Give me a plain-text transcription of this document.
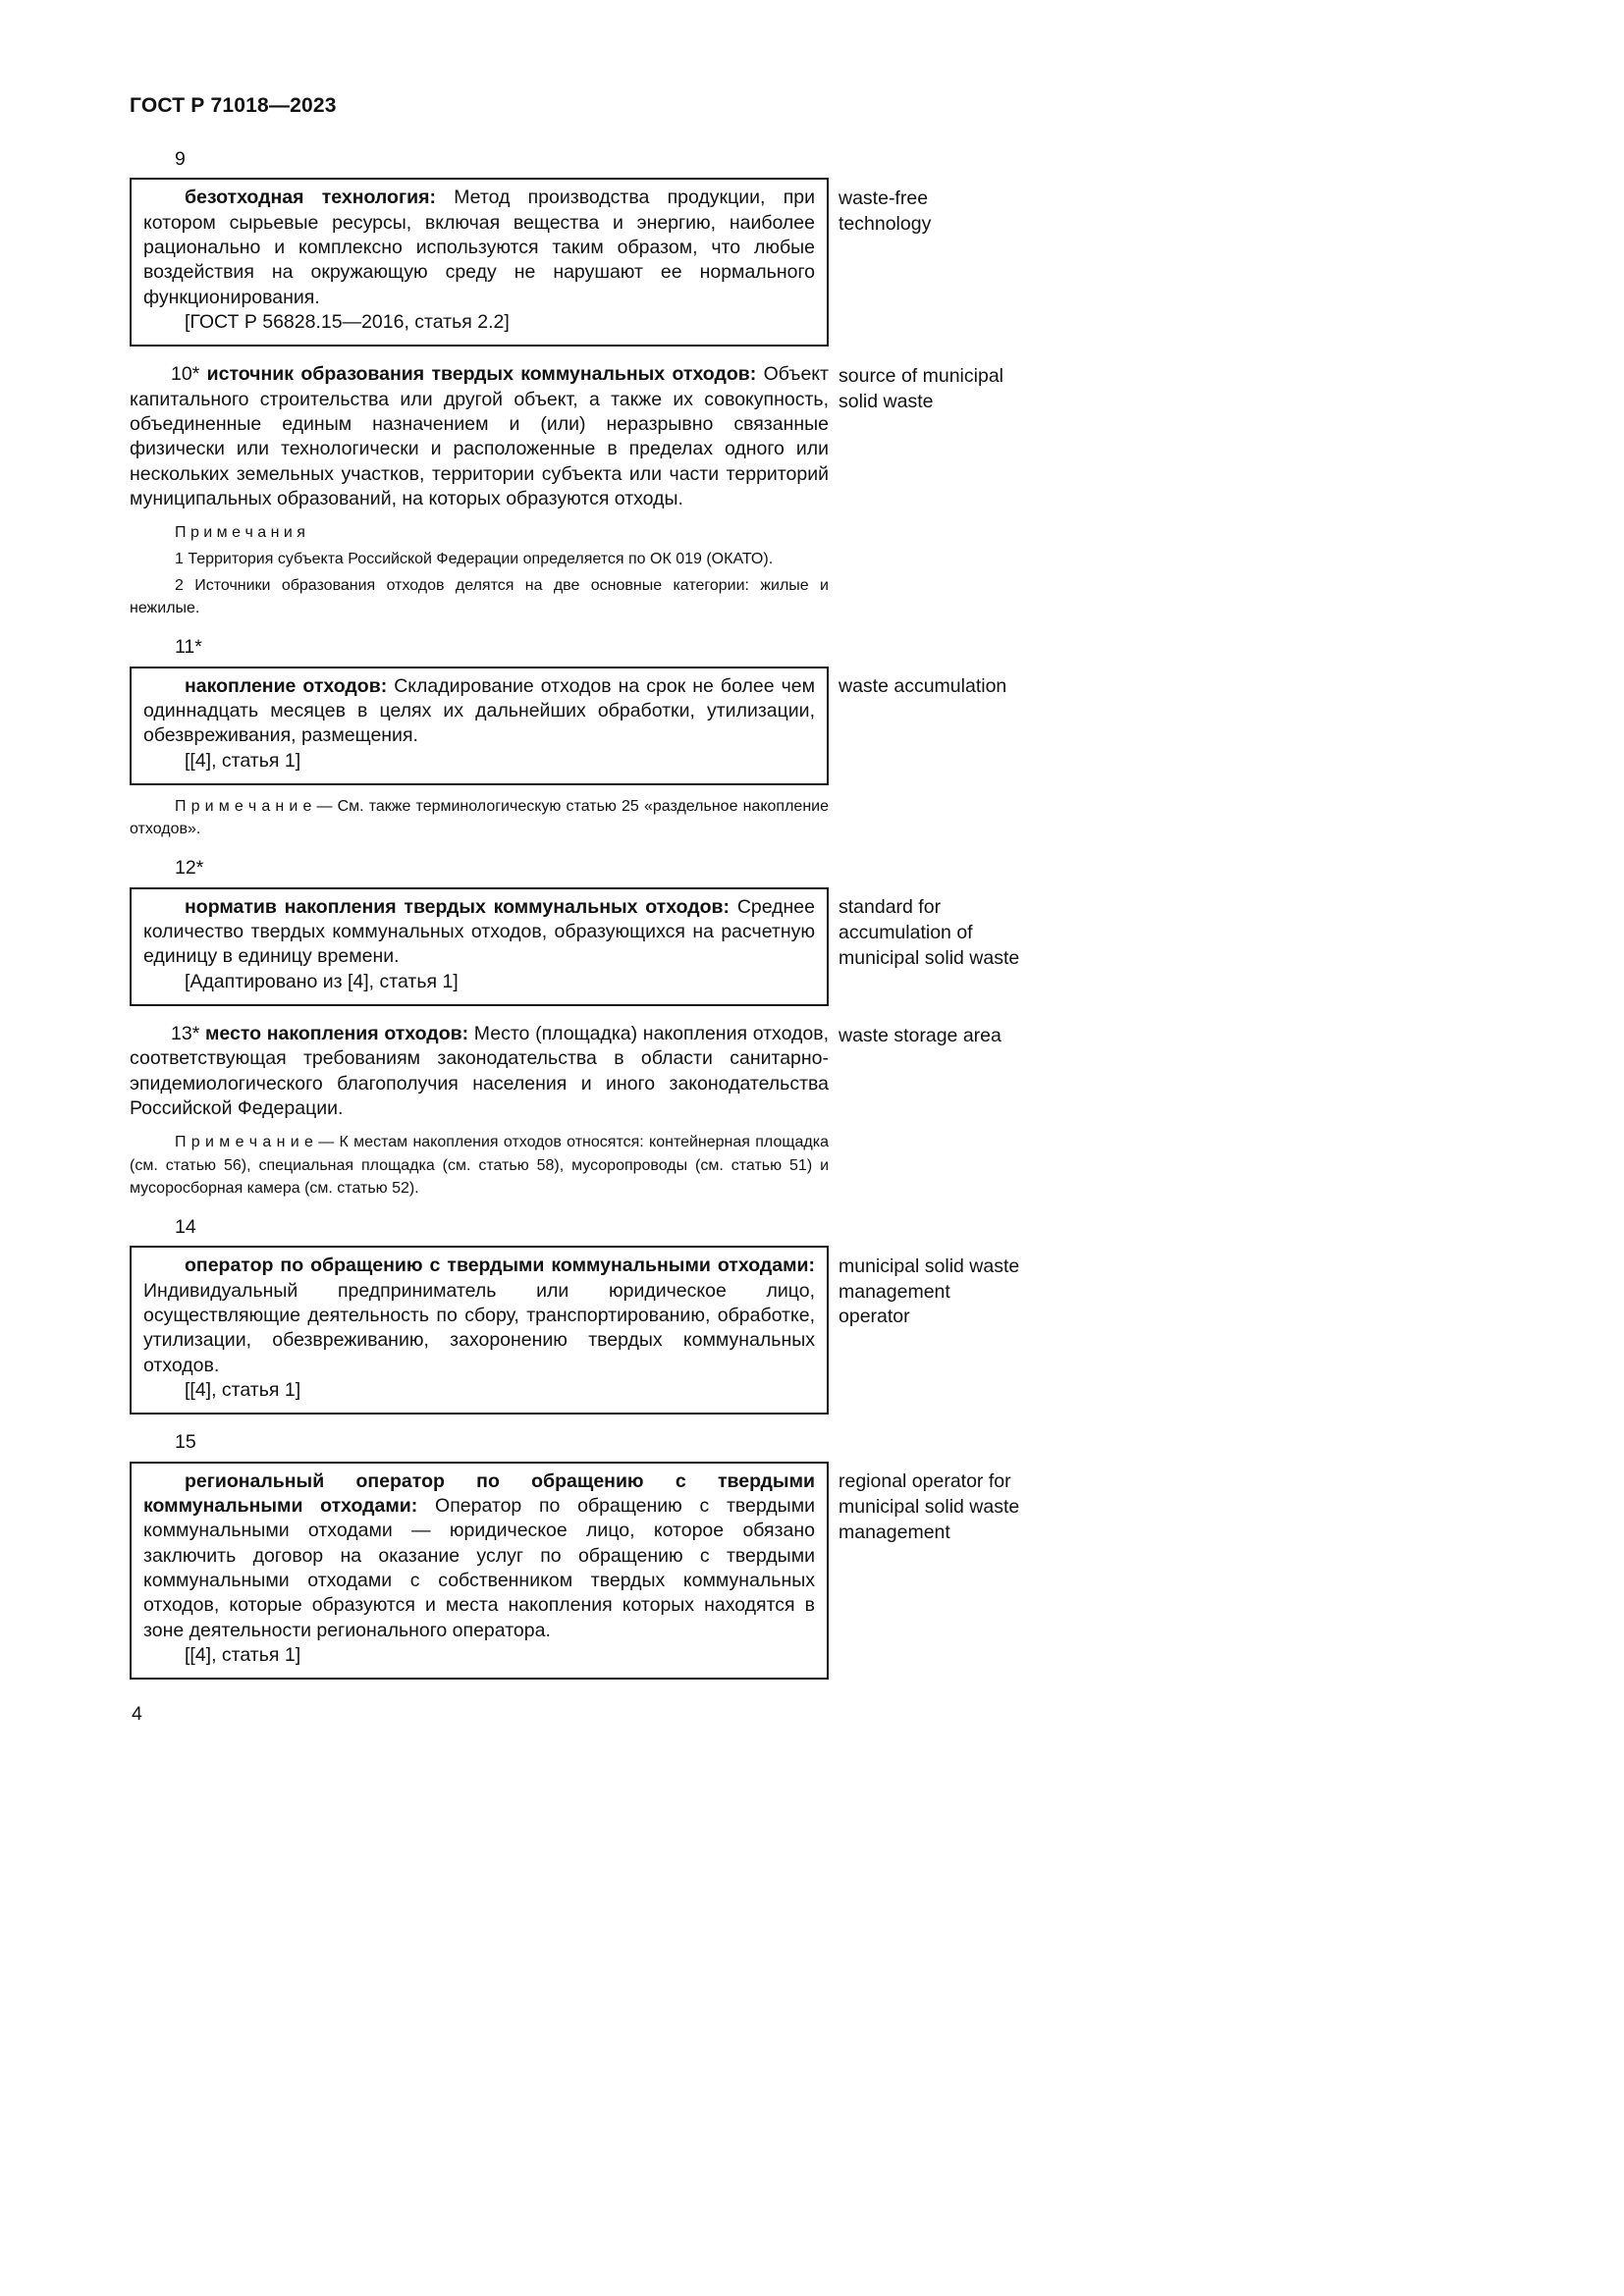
ГОСТ Р 71018—2023

9

безотходная технология: Метод производства продукции, при котором сырьевые ресурсы, включая вещества и энергию, наиболее рационально и комплексно используются таким образом, что любые воздействия на окружающую среду не нарушают ее нормального функционирования.

[ГОСТ Р 56828.15—2016, статья 2.2]

waste-free technology

10* источник образования твердых коммунальных отходов: Объект капитального строительства или другой объект, а также их совокупность, объединенные единым назначением и (или) неразрывно связанные физически или технологически и расположенные в пределах одного или нескольких земельных участков, территории субъекта или части территорий муниципальных образований, на которых образуются отходы.

П р и м е ч а н и я

1 Территория субъекта Российской Федерации определяется по ОК 019 (ОКАТО).

2 Источники образования отходов делятся на две основные категории: жилые и нежилые.

source of municipal solid waste

11*

накопление отходов: Складирование отходов на срок не более чем одиннадцать месяцев в целях их дальнейших обработки, утилизации, обезвреживания, размещения.

[[4], статья 1]

П р и м е ч а н и е — См. также терминологическую статью 25 «раздельное накопление отходов».

waste accumulation

12*

норматив накопления твердых коммунальных отходов: Среднее количество твердых коммунальных отходов, образующихся на расчетную единицу в единицу времени.

[Адаптировано из [4], статья 1]

standard for accumulation of municipal solid waste

13* место накопления отходов: Место (площадка) накопления отходов, соответствующая требованиям законодательства в области санитарно-эпидемиологического благополучия населения и иного законодательства Российской Федерации.

П р и м е ч а н и е — К местам накопления отходов относятся: контейнерная площадка (см. статью 56), специальная площадка (см. статью 58), мусоропроводы (см. статью 51) и мусоросборная камера (см. статью 52).

waste storage area

14

оператор по обращению с твердыми коммунальными отходами: Индивидуальный предприниматель или юридическое лицо, осуществляющие деятельность по сбору, транспортированию, обработке, утилизации, обезвреживанию, захоронению твердых коммунальных отходов.

[[4], статья 1]

municipal solid waste management operator

15

региональный оператор по обращению с твердыми коммунальными отходами: Оператор по обращению с твердыми коммунальными отходами — юридическое лицо, которое обязано заключить договор на оказание услуг по обращению с твердыми коммунальными отходами с собственником твердых коммунальных отходов, которые образуются и места накопления которых находятся в зоне деятельности регионального оператора.

[[4], статья 1]

regional operator for municipal solid waste management
4
